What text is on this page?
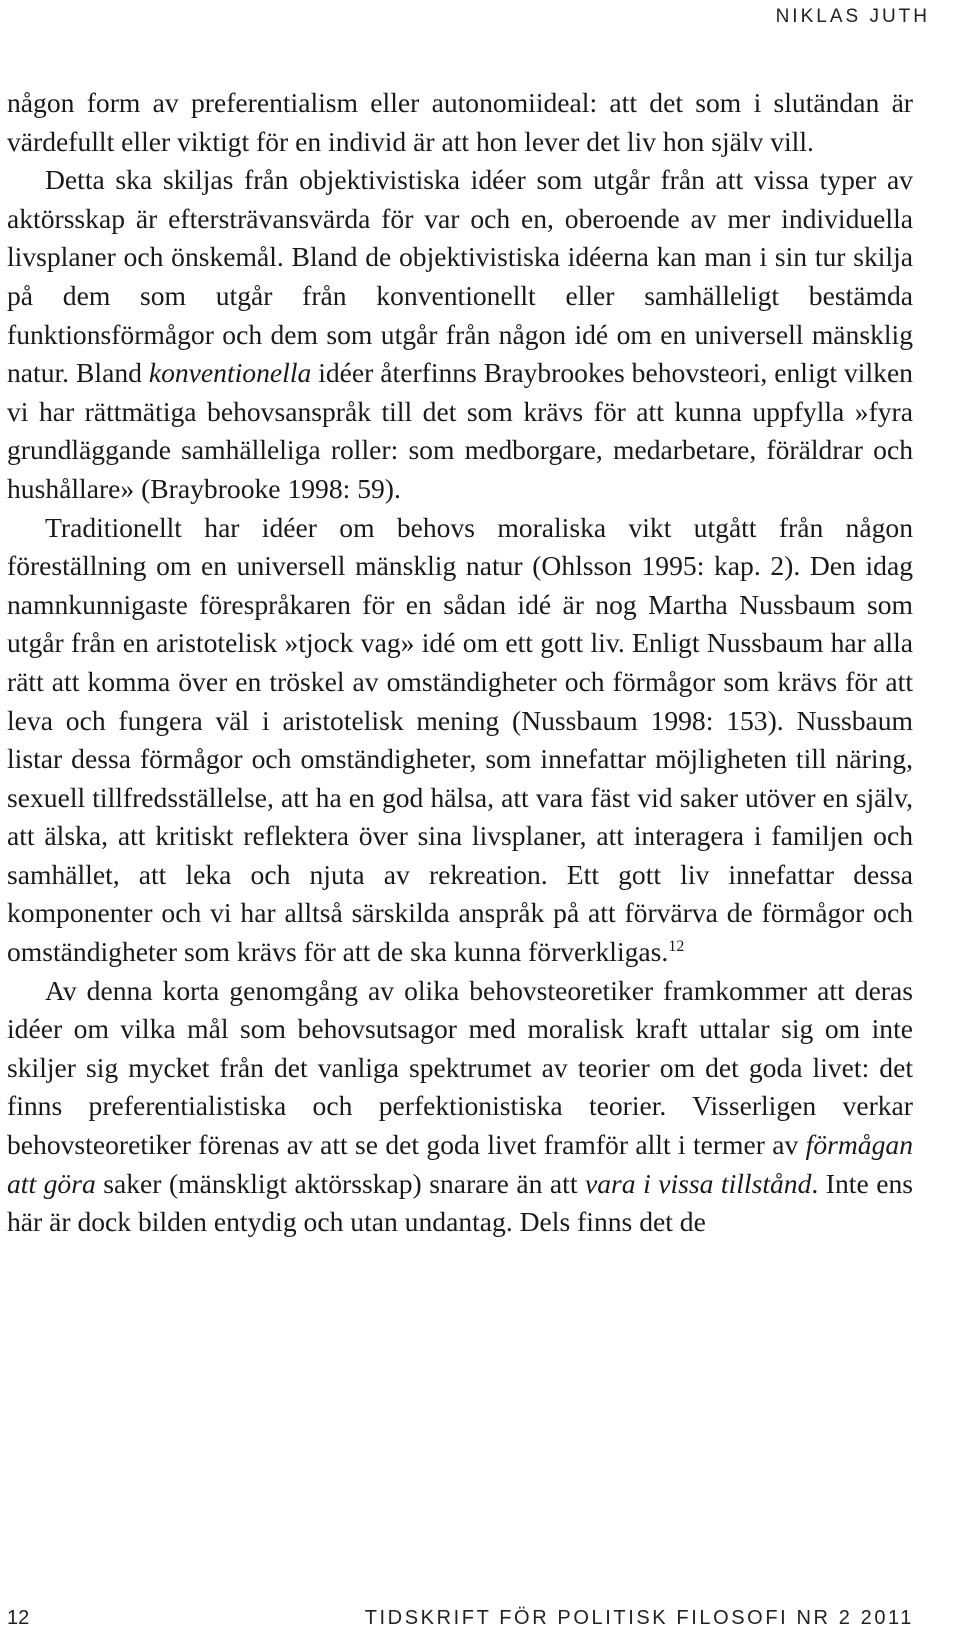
NIKLAS JUTH

någon form av preferentialism eller autonomiideal: att det som i slutändan är värdefullt eller viktigt för en individ är att hon lever det liv hon själv vill.

Detta ska skiljas från objektivistiska idéer som utgår från att vissa typer av aktörsskap är eftersträvansvärda för var och en, oberoende av mer individuella livsplaner och önskemål. Bland de objektivistiska idéerna kan man i sin tur skilja på dem som utgår från konventionellt eller samhälleligt bestämda funktionsförmågor och dem som utgår från någon idé om en universell mänsklig natur. Bland konventionella idéer återfinns Braybrookes behovsteori, enligt vilken vi har rättmätiga behovsanspråk till det som krävs för att kunna uppfylla »fyra grundläggande samhälleliga roller: som medborgare, medarbetare, föräldrar och hushållare» (Braybrooke 1998: 59).

Traditionellt har idéer om behovs moraliska vikt utgått från någon föreställning om en universell mänsklig natur (Ohlsson 1995: kap. 2). Den idag namnkunnigaste förespråkaren för en sådan idé är nog Martha Nussbaum som utgår från en aristotelisk »tjock vag» idé om ett gott liv. Enligt Nussbaum har alla rätt att komma över en tröskel av omständigheter och förmågor som krävs för att leva och fungera väl i aristotelisk mening (Nussbaum 1998: 153). Nussbaum listar dessa förmågor och omständigheter, som innefattar möjligheten till näring, sexuell tillfredsställelse, att ha en god hälsa, att vara fäst vid saker utöver en själv, att älska, att kritiskt reflektera över sina livsplaner, att interagera i familjen och samhället, att leka och njuta av rekreation. Ett gott liv innefattar dessa komponenter och vi har alltså särskilda anspråk på att förvärva de förmågor och omständigheter som krävs för att de ska kunna förverkligas.$^{12}$

Av denna korta genomgång av olika behovsteoretiker framkommer att deras idéer om vilka mål som behovsutsagor med moralisk kraft uttalar sig om inte skiljer sig mycket från det vanliga spektrumet av teorier om det goda livet: det finns preferentialistiska och perfektionistiska teorier. Visserligen verkar behovsteoretiker förenas av att se det goda livet framför allt i termer av förmågan att göra saker (mänskligt aktörsskap) snarare än att vara i vissa tillstånd. Inte ens här är dock bilden entydig och utan undantag. Dels finns det de

12	TIDSKRIFT FÖR POLITISK FILOSOFI NR 2 2011
